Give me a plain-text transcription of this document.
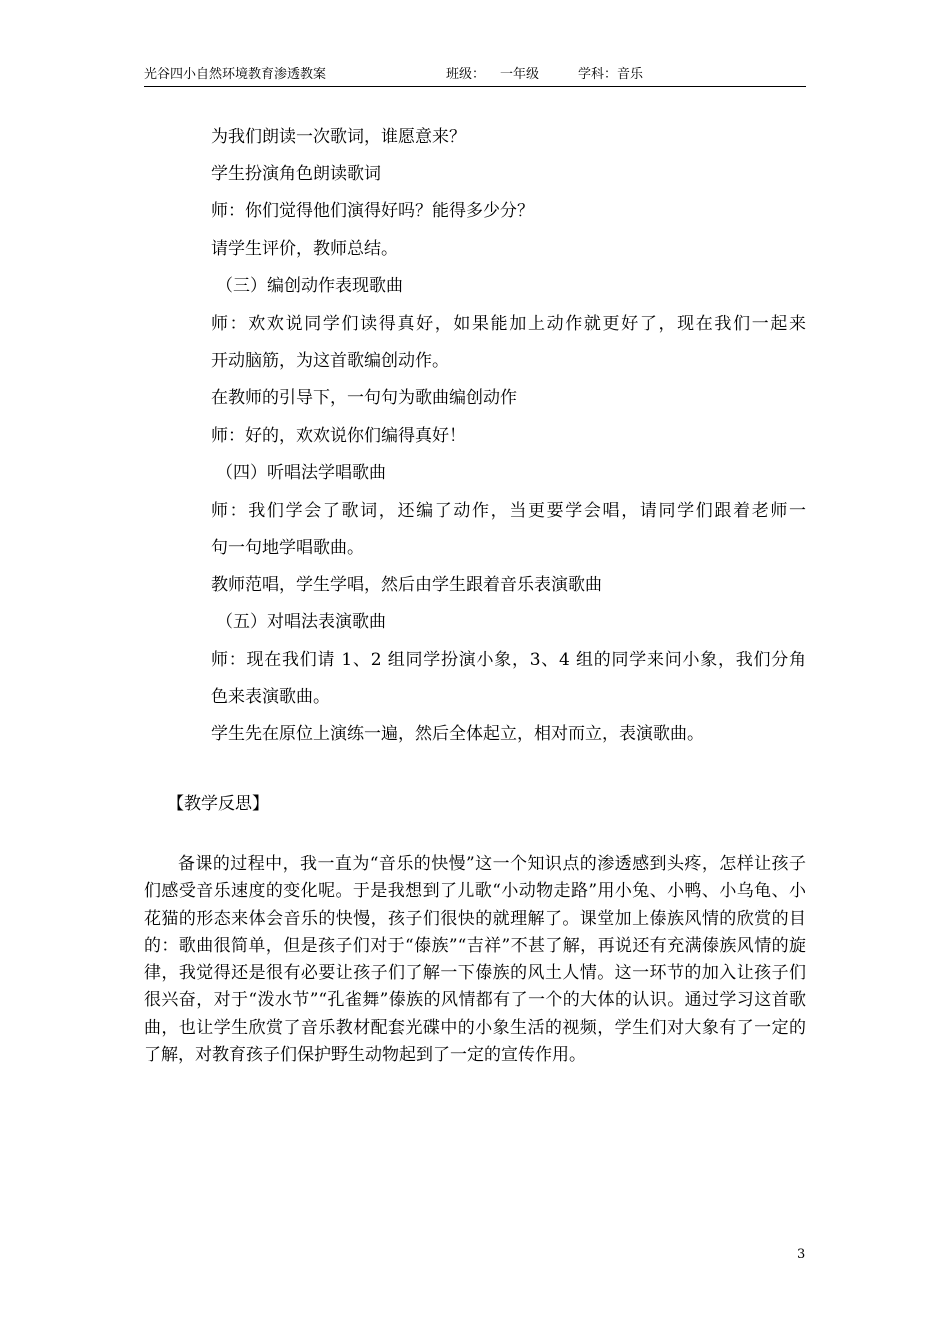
光谷四小自然环境教育渗透教案	班级： 一年级	学科：音乐
为我们朗读一次歌词，谁愿意来？
学生扮演角色朗读歌词
师：你们觉得他们演得好吗？能得多少分？
请学生评价，教师总结。
（三）编创动作表现歌曲
师：欢欢说同学们读得真好，如果能加上动作就更好了，现在我们一起来
开动脑筋，为这首歌编创动作。
在教师的引导下，一句句为歌曲编创动作
师：好的，欢欢说你们编得真好！
（四）听唱法学唱歌曲
师：我们学会了歌词，还编了动作，当更要学会唱，请同学们跟着老师一
句一句地学唱歌曲。
教师范唱，学生学唱，然后由学生跟着音乐表演歌曲
（五）对唱法表演歌曲
师：现在我们请 1、2 组同学扮演小象，3、4 组的同学来问小象，我们分角
色来表演歌曲。
学生先在原位上演练一遍，然后全体起立，相对而立，表演歌曲。
【教学反思】
备课的过程中，我一直为“音乐的快慢”这一个知识点的渗透感到头疼，怎样让孩子们感受音乐速度的变化呢。于是我想到了儿歌“小动物走路”用小兔、小鸭、小乌龟、小花猫的形态来体会音乐的快慢，孩子们很快的就理解了。课堂加上傣族风情的欣赏的目的：歌曲很简单，但是孩子们对于“傣族”“吉祥”不甚了解，再说还有充满傣族风情的旋律，我觉得还是很有必要让孩子们了解一下傣族的风土人情。这一环节的加入让孩子们很兴奋，对于“泼水节”“孔雀舞”傣族的风情都有了一个的大体的认识。通过学习这首歌曲，也让学生欣赏了音乐教材配套光碟中的小象生活的视频，学生们对大象有了一定的了解，对教育孩子们保护野生动物起到了一定的宣传作用。
3
